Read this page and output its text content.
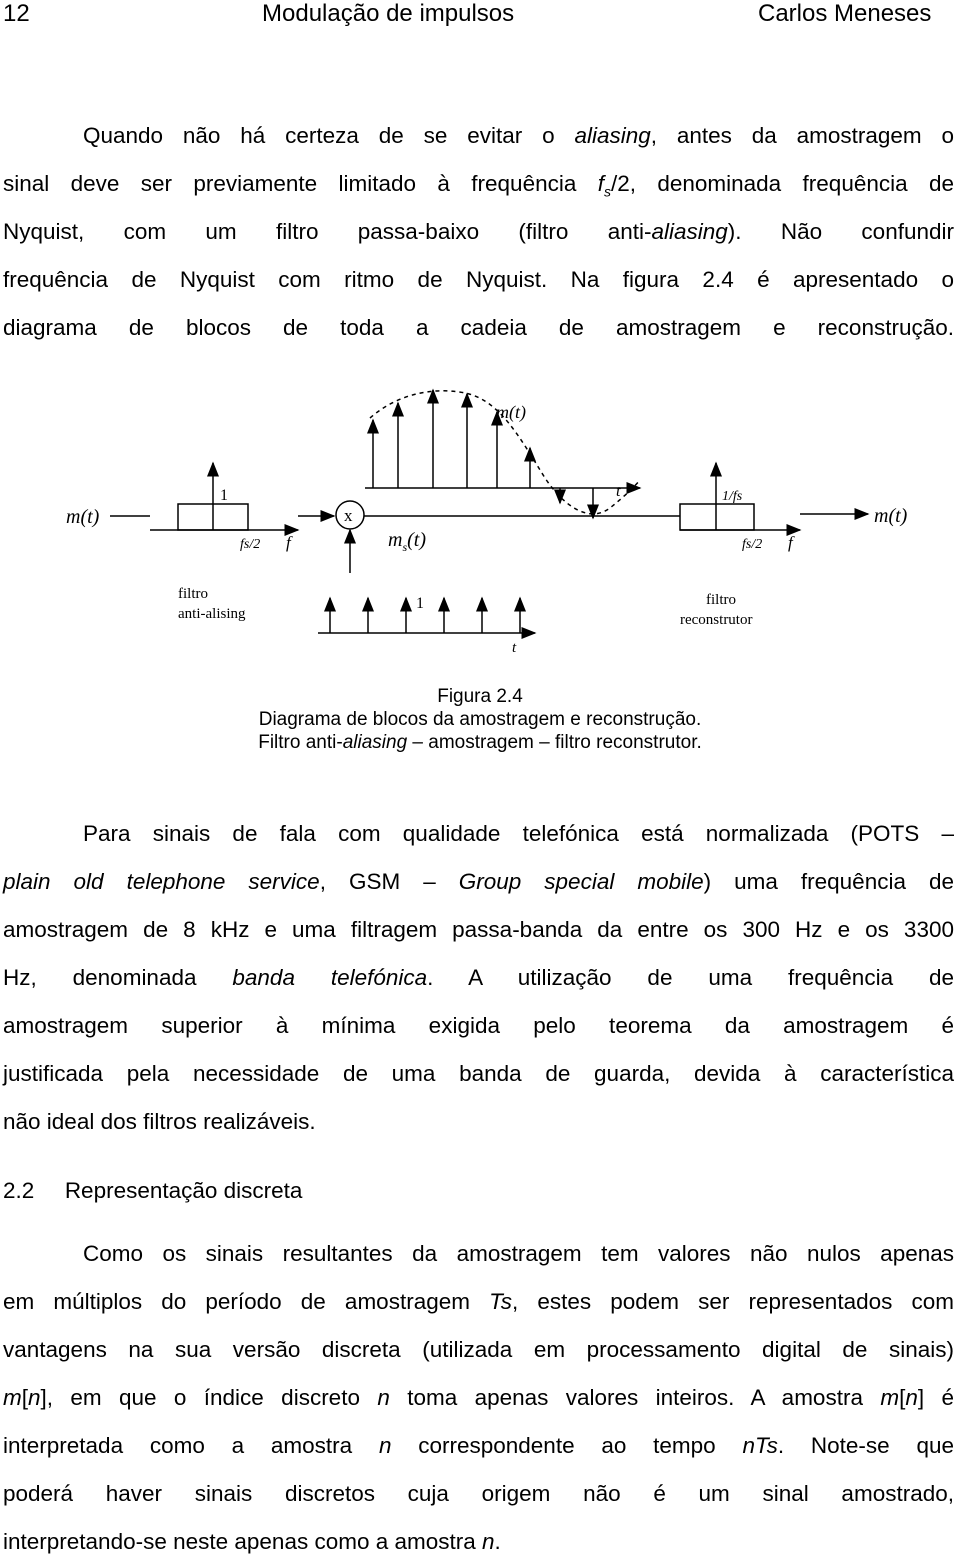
12	Modulação de impulsos	Carlos Meneses
Quando não há certeza de se evitar o aliasing, antes da amostragem o
sinal deve ser previamente limitado à frequência $f_s/2$, denominada frequência de
Nyquist, com um filtro passa-baixo (filtro anti-aliasing). Não confundir
frequência de Nyquist com ritmo de Nyquist. Na figura 2.4 é apresentado o
diagrama de blocos de toda a cadeia de amostragem e reconstrução.
m(t)
t
m(t)
1
fs/2 f
filtro
anti-alising
x
$m_s(t)$
1
t
1/fs
fs/2 f
m(t)
filtro
reconstrutor
Figura 2.4
Diagrama de blocos da amostragem e reconstrução.
Filtro anti-aliasing – amostragem – filtro reconstrutor.
Para sinais de fala com qualidade telefónica está normalizada (POTS –
plain old telephone service, GSM – Group special mobile) uma frequência de
amostragem de 8 kHz e uma filtragem passa-banda da entre os 300 Hz e os 3300
Hz, denominada banda telefónica. A utilização de uma frequência de
amostragem superior à mínima exigida pelo teorema da amostragem é
justificada pela necessidade de uma banda de guarda, devida à característica
não ideal dos filtros realizáveis.
2.2 Representação discreta
Como os sinais resultantes da amostragem tem valores não nulos apenas
em múltiplos do período de amostragem Ts, estes podem ser representados com
vantagens na sua versão discreta (utilizada em processamento digital de sinais)
m[n], em que o índice discreto n toma apenas valores inteiros. A amostra m[n] é
interpretada como a amostra n correspondente ao tempo nTs. Note-se que
poderá haver sinais discretos cuja origem não é um sinal amostrado,
interpretando-se neste apenas como a amostra n.
